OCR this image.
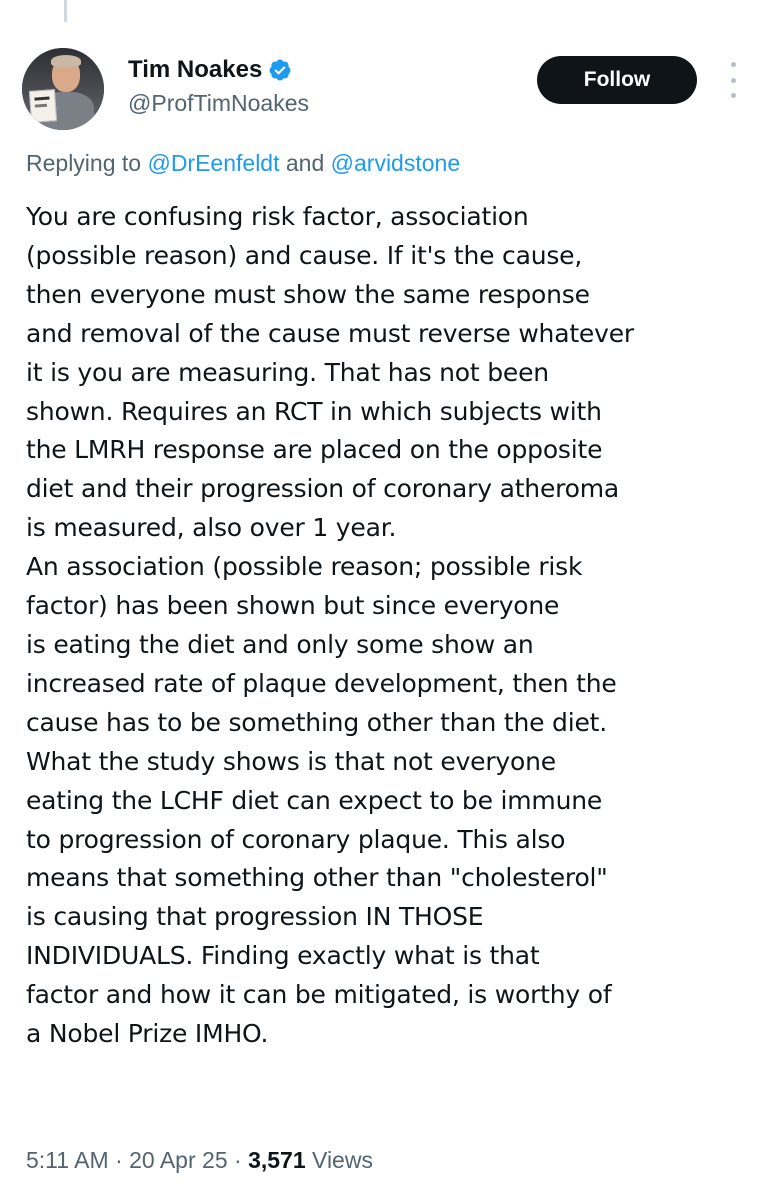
Tim Noakes
@ProfTimNoakes
Follow
Replying to @DrEenfeldt and @arvidstone
You are confusing risk factor, association
(possible reason) and cause. If it's the cause,
then everyone must show the same response
and removal of the cause must reverse whatever
it is you are measuring. That has not been
shown. Requires an RCT in which subjects with
the LMRH response are placed on the opposite
diet and their progression of coronary atheroma
is measured, also over 1 year.
An association (possible reason; possible risk
factor) has been shown but since everyone
is eating the diet and only some show an
increased rate of plaque development, then the
cause has to be something other than the diet.
What the study shows is that not everyone
eating the LCHF diet can expect to be immune
to progression of coronary plaque. This also
means that something other than "cholesterol"
is causing that progression IN THOSE
INDIVIDUALS. Finding exactly what is that
factor and how it can be mitigated, is worthy of
a Nobel Prize IMHO.
5:11 AM · 20 Apr 25 · 3,571 Views
